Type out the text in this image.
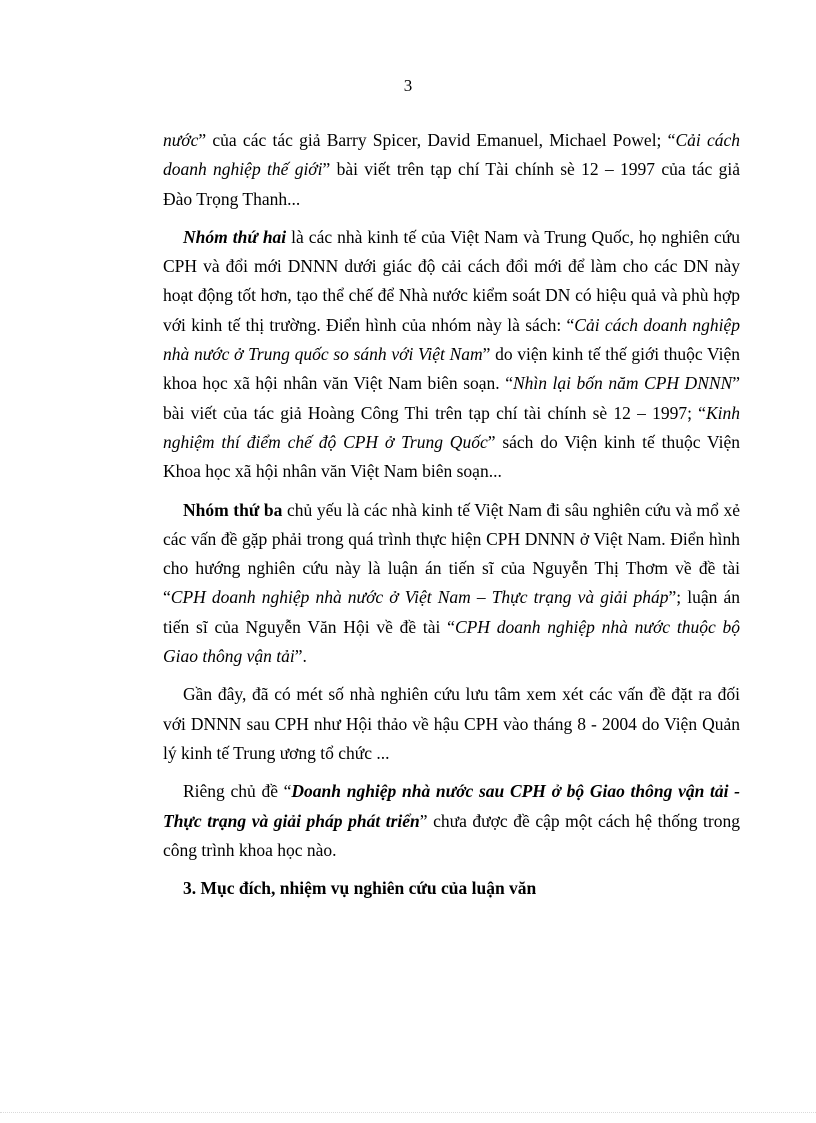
3

nước” của các tác giả Barry Spicer, David Emanuel, Michael Powel; “Cải cách doanh nghiệp thế giới” bài viết trên tạp chí Tài chính sè 12 – 1997 của tác giả Đào Trọng Thanh...

Nhóm thứ hai là các nhà kinh tế của Việt Nam và Trung Quốc, họ nghiên cứu CPH và đổi mới DNNN dưới giác độ cải cách đổi mới để làm cho các DN này hoạt động tốt hơn, tạo thể chế để Nhà nước kiểm soát DN có hiệu quả và phù hợp với kinh tế thị trường. Điển hình của nhóm này là sách: “Cải cách doanh nghiệp nhà nước ở Trung quốc so sánh với Việt Nam” do viện kinh tế thế giới thuộc Viện khoa học xã hội nhân văn Việt Nam biên soạn. “Nhìn lại bốn năm CPH DNNN” bài viết của tác giả Hoàng Công Thi trên tạp chí tài chính sè 12 – 1997; “Kinh nghiệm thí điểm chế độ CPH ở Trung Quốc” sách do Viện kinh tế thuộc Viện Khoa học xã hội nhân văn Việt Nam biên soạn...

Nhóm thứ ba chủ yếu là các nhà kinh tế Việt Nam đi sâu nghiên cứu và mổ xẻ các vấn đề gặp phải trong quá trình thực hiện CPH DNNN ở Việt Nam. Điển hình cho hướng nghiên cứu này là luận án tiến sĩ của Nguyễn Thị Thơm về đề tài “CPH doanh nghiệp nhà nước ở Việt Nam – Thực trạng và giải pháp”; luận án tiến sĩ của Nguyễn Văn Hội về đề tài “CPH doanh nghiệp nhà nước thuộc bộ Giao thông vận tải”.

Gần đây, đã có mét số nhà nghiên cứu lưu tâm xem xét các vấn đề đặt ra đối với DNNN sau CPH như Hội thảo về hậu CPH vào tháng 8 - 2004 do Viện Quản lý kinh tế Trung ương tổ chức ...

Riêng chủ đề “Doanh nghiệp nhà nước sau CPH ở bộ Giao thông vận tải - Thực trạng và giải pháp phát triển” chưa được đề cập một cách hệ thống trong công trình khoa học nào.

3. Mục đích, nhiệm vụ nghiên cứu của luận văn
